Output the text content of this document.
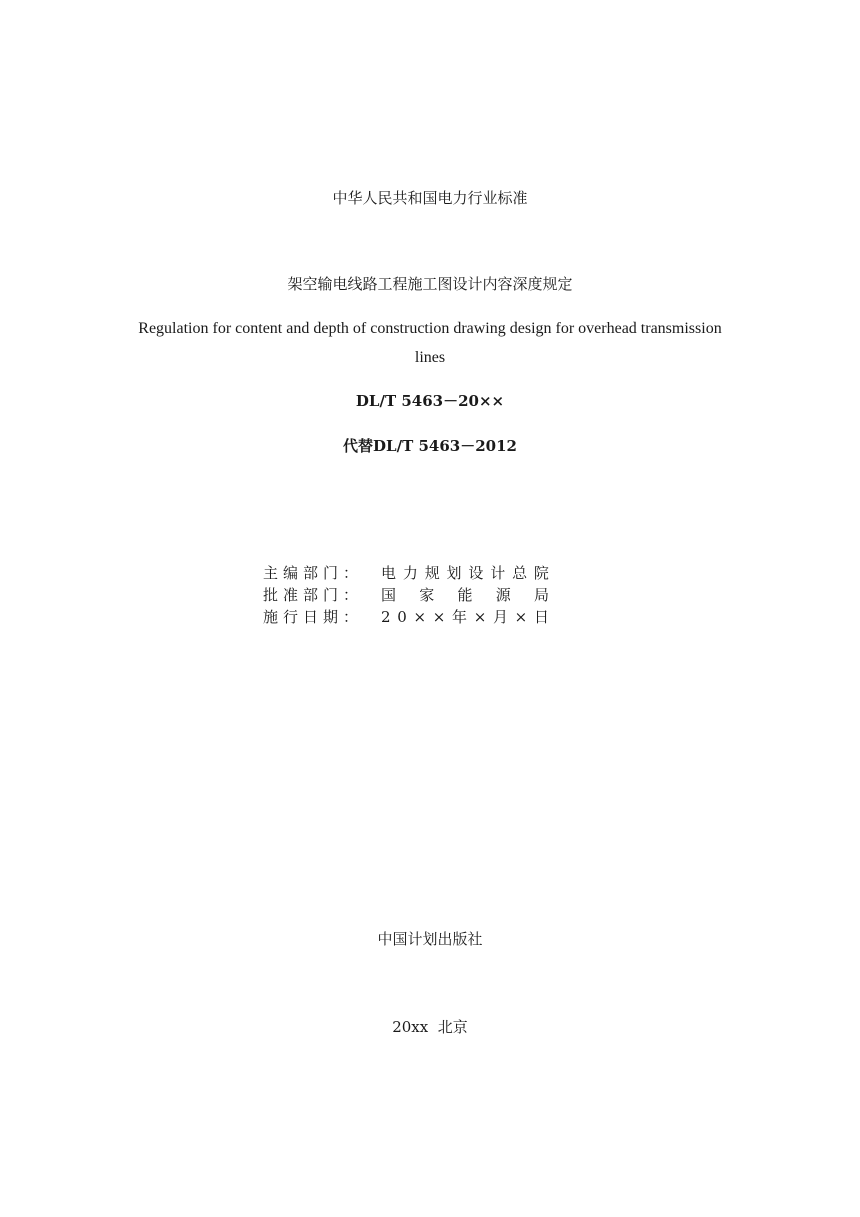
中华人民共和国电力行业标准
架空输电线路工程施工图设计内容深度规定
Regulation for content and depth of construction drawing design for overhead transmission
lines
DL/T 5463－20××
代替DL/T 5463－2012
主 编 部 门 ： 电 力 规 划 设 计 总 院
批 准 部 门 ： 国 家 能 源 局
施 行 日 期 ： 2 0 × × 年 × 月 × 日
中国计划出版社
20xx  北京
